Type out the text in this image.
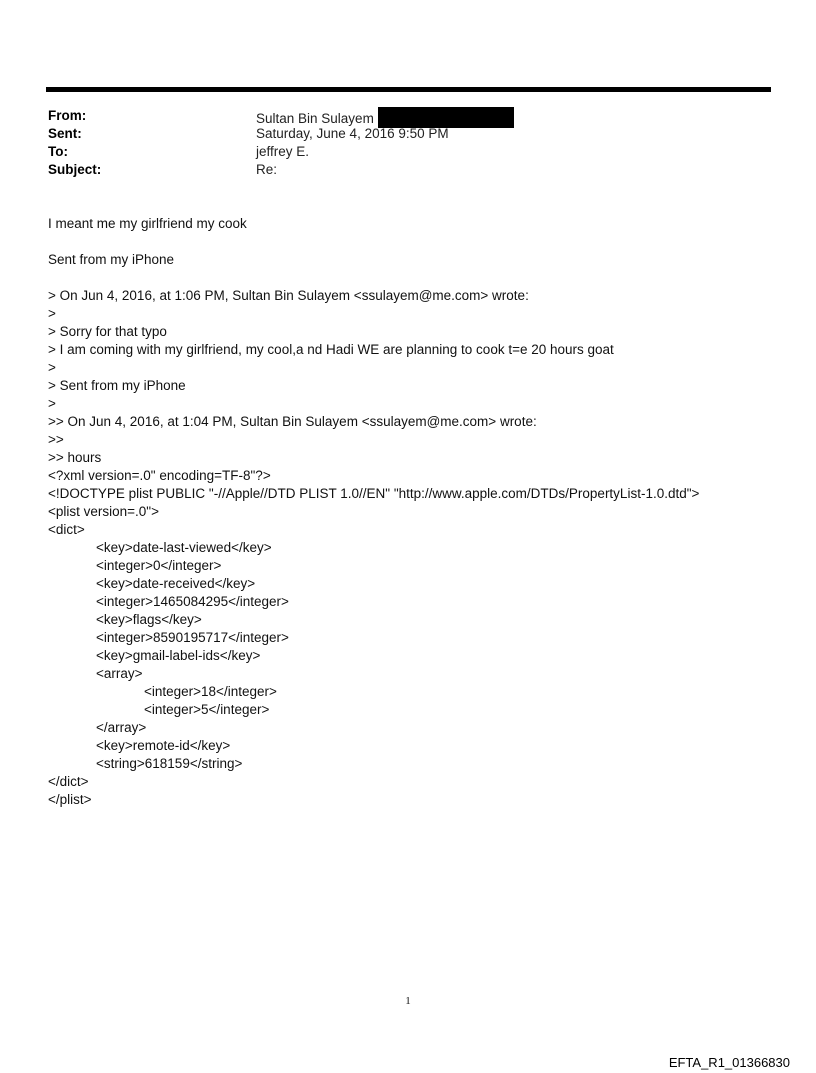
From:	Sultan Bin Sulayem
Sent:	Saturday, June 4, 2016 9:50 PM
To:	jeffrey E.
Subject:	Re:
I meant me my girlfriend my cook
Sent from my iPhone
> On Jun 4, 2016, at 1:06 PM, Sultan Bin Sulayem <ssulayem@me.com> wrote:
>
> Sorry for that typo
> I am coming with my girlfriend, my cool,a nd Hadi WE are planning to cook t=e 20 hours goat
>
> Sent from my iPhone
>
>> On Jun 4, 2016, at 1:04 PM, Sultan Bin Sulayem <ssulayem@me.com> wrote:
>>
>> hours
<?xml version=.0" encoding=TF-8"?>
<!DOCTYPE plist PUBLIC "-//Apple//DTD PLIST 1.0//EN" "http://www.apple.com/DTDs/PropertyList-1.0.dtd">
<plist version=.0">
<dict>
<key>date-last-viewed</key>
<integer>0</integer>
<key>date-received</key>
<integer>1465084295</integer>
<key>flags</key>
<integer>8590195717</integer>
<key>gmail-label-ids</key>
<array>
<integer>18</integer>
<integer>5</integer>
</array>
<key>remote-id</key>
<string>618159</string>
</dict>
</plist>
1
EFTA_R1_01366830
